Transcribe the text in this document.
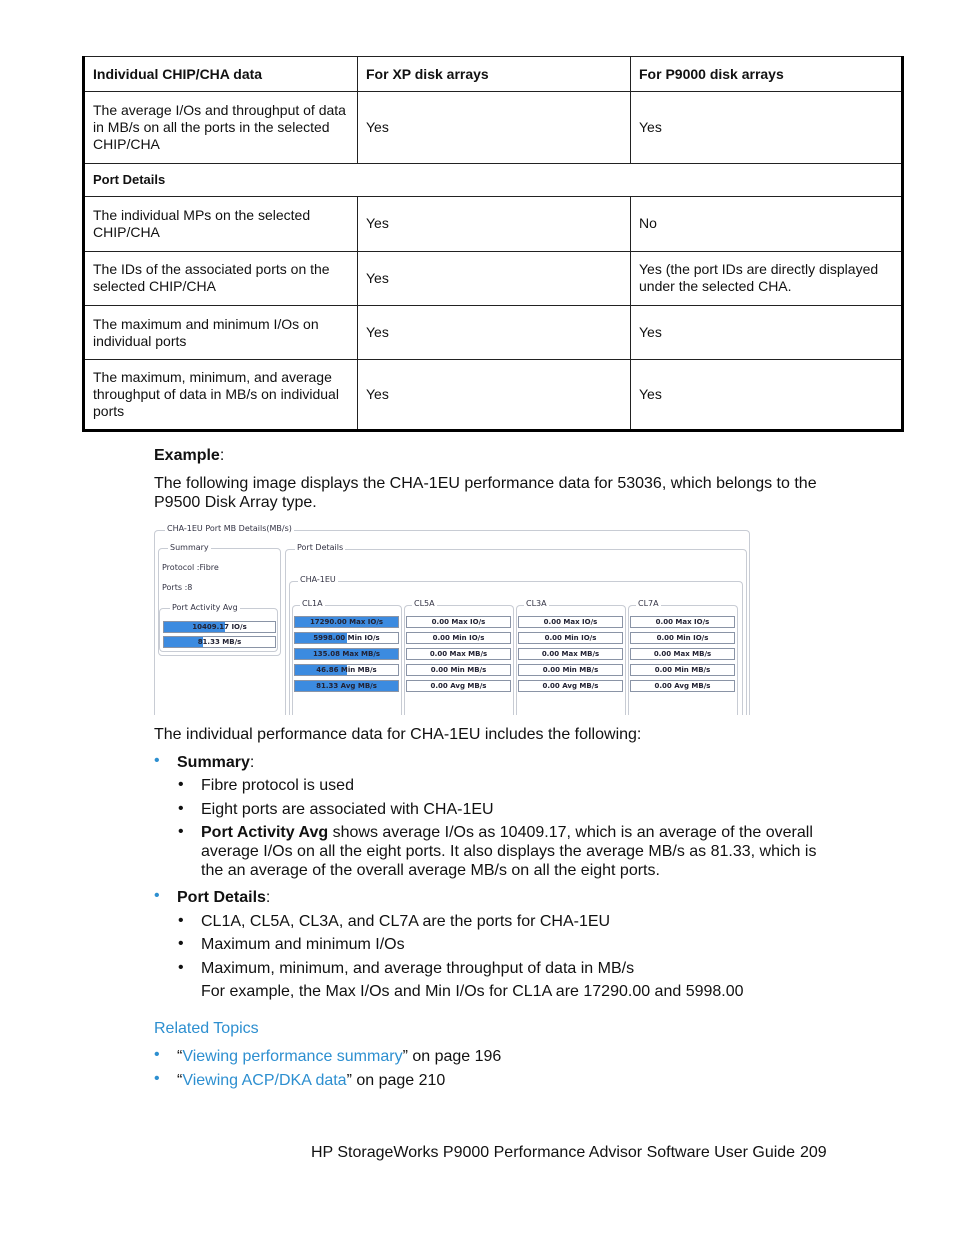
Individual CHIP/CHA data	For XP disk arrays	For P9000 disk arrays
The average I/Os and throughput of data in MB/s on all the ports in the selected CHIP/CHA	Yes	Yes
Port Details		
The individual MPs on the selected CHIP/CHA	Yes	No
The IDs of the associated ports on the selected CHIP/CHA	Yes	Yes (the port IDs are directly displayed under the selected CHA.
The maximum and minimum I/Os on individual ports	Yes	Yes
The maximum, minimum, and average throughput of data in MB/s on individual ports	Yes	Yes
Example:
The following image displays the CHA-1EU performance data for 53036, which belongs to the P9500 Disk Array type.
CHA-1EU Port MB Details(MB/s)
Summary
Protocol :Fibre
Ports :8
Port Activity Avg
10409.17 IO/s
81.33 MB/s
Port Details
CHA-1EU
CL1A
17290.00 Max IO/s
5998.00 Min IO/s
135.08 Max MB/s
46.86 Min MB/s
81.33 Avg MB/s
CL5A
0.00 Max IO/s
0.00 Min IO/s
0.00 Max MB/s
0.00 Min MB/s
0.00 Avg MB/s
CL3A
0.00 Max IO/s
0.00 Min IO/s
0.00 Max MB/s
0.00 Min MB/s
0.00 Avg MB/s
CL7A
0.00 Max IO/s
0.00 Min IO/s
0.00 Max MB/s
0.00 Min MB/s
0.00 Avg MB/s
The individual performance data for CHA-1EU includes the following:
• Summary:
• Fibre protocol is used
• Eight ports are associated with CHA-1EU
• Port Activity Avg shows average I/Os as 10409.17, which is an average of the overall average I/Os on all the eight ports. It also displays the average MB/s as 81.33, which is the an average of the overall average MB/s on all the eight ports.
• Port Details:
• CL1A, CL5A, CL3A, and CL7A are the ports for CHA-1EU
• Maximum and minimum I/Os
• Maximum, minimum, and average throughput of data in MB/s
For example, the Max I/Os and Min I/Os for CL1A are 17290.00 and 5998.00
Related Topics
• “Viewing performance summary” on page 196
• “Viewing ACP/DKA data” on page 210
HP StorageWorks P9000 Performance Advisor Software User Guide 209
